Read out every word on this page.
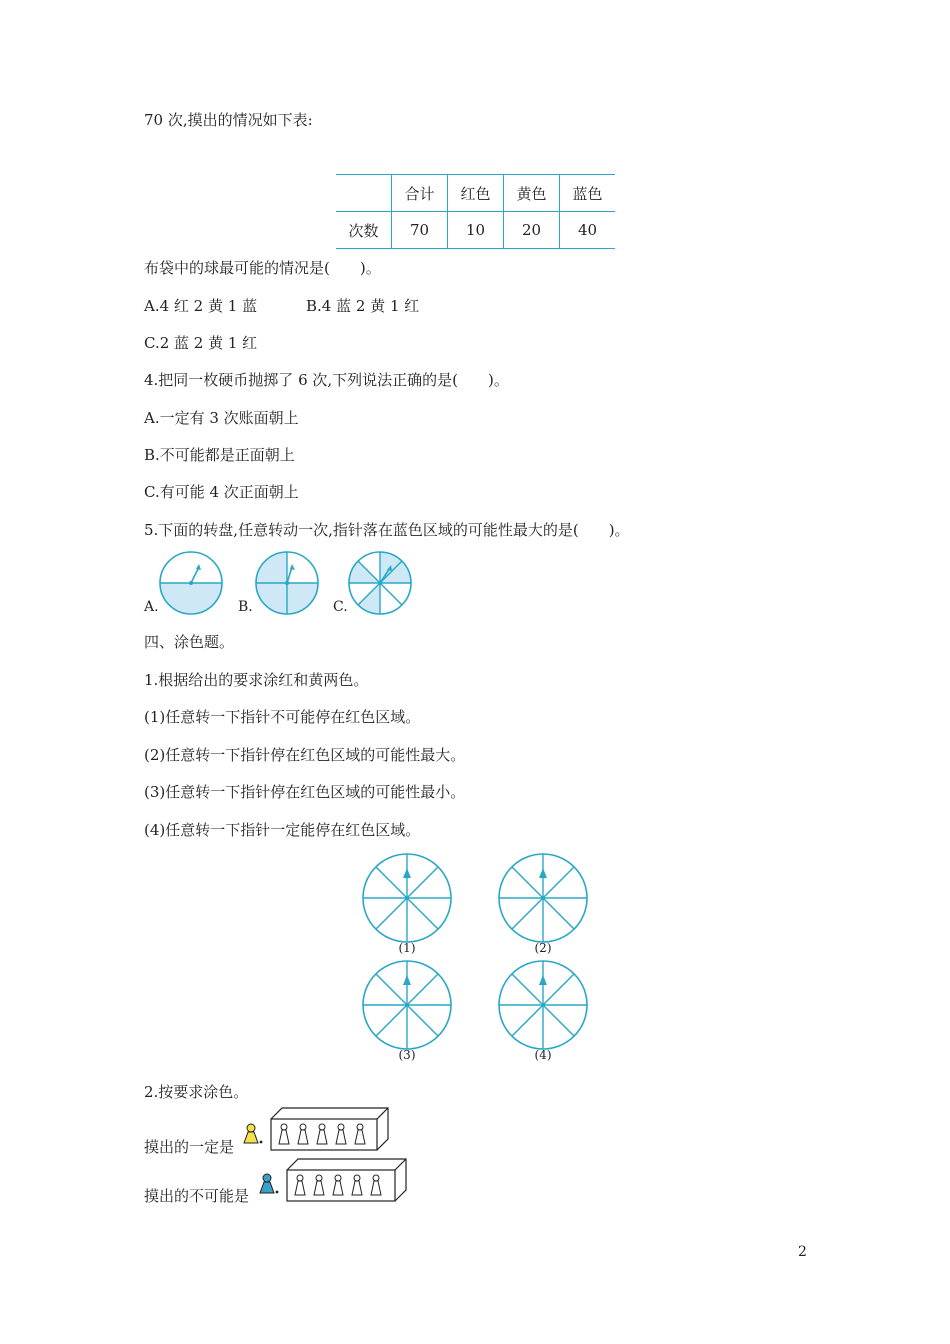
70 次,摸出的情况如下表:
	合计	红色	黄色	蓝色
次数	70	10	20	40
布袋中的球最可能的情况是(　　)。
A.4 红 2 黄 1 蓝	B.4 蓝 2 黄 1 红
C.2 蓝 2 黄 1 红
4.把同一枚硬币抛掷了 6 次,下列说法正确的是(　　)。
A.一定有 3 次账面朝上
B.不可能都是正面朝上
C.有可能 4 次正面朝上
5.下面的转盘,任意转动一次,指针落在蓝色区域的可能性最大的是(　　)。
A.	B.	C.
四、涂色题。
1.根据给出的要求涂红和黄两色。
(1)任意转一下指针不可能停在红色区域。
(2)任意转一下指针停在红色区域的可能性最大。
(3)任意转一下指针停在红色区域的可能性最小。
(4)任意转一下指针一定能停在红色区域。
(1)	(2)
(3)	(4)
2.按要求涂色。
摸出的一定是
摸出的不可能是
2
